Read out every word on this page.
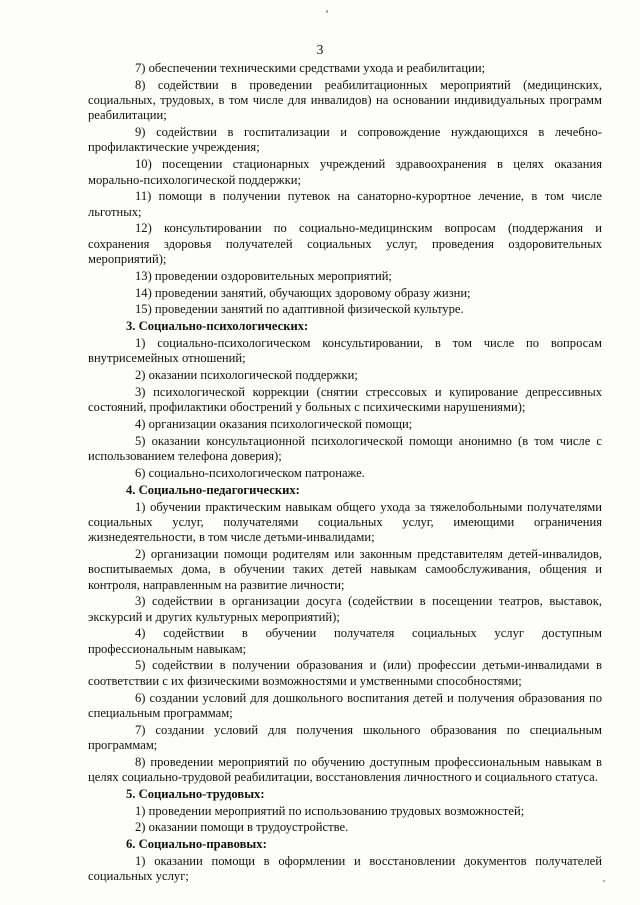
3
7) обеспечении техническими средствами ухода и реабилитации;
8) содействии в проведении реабилитационных мероприятий (медицинских, социальных, трудовых, в том числе для инвалидов) на основании индивидуальных программ реабилитации;
9) содействии в госпитализации и сопровождение нуждающихся в лечебно-профилактические учреждения;
10) посещении стационарных учреждений здравоохранения в целях оказания морально-психологической поддержки;
11) помощи в получении путевок на санаторно-курортное лечение, в том числе льготных;
12) консультировании по социально-медицинским вопросам (поддержания и сохранения здоровья получателей социальных услуг, проведения оздоровительных мероприятий);
13) проведении оздоровительных мероприятий;
14) проведении занятий, обучающих здоровому образу жизни;
15) проведении занятий по адаптивной физической культуре.
3. Социально-психологических:
1) социально-психологическом консультировании, в том числе по вопросам внутрисемейных отношений;
2) оказании психологической поддержки;
3) психологической коррекции (снятии стрессовых и купирование депрессивных состояний, профилактики обострений у больных с психическими нарушениями);
4) организации оказания психологической помощи;
5) оказании консультационной психологической помощи анонимно (в том числе с использованием телефона доверия);
6) социально-психологическом патронаже.
4. Социально-педагогических:
1) обучении практическим навыкам общего ухода за тяжелобольными получателями социальных услуг, получателями социальных услуг, имеющими ограничения жизнедеятельности, в том числе детьми-инвалидами;
2) организации помощи родителям или законным представителям детей-инвалидов, воспитываемых дома, в обучении таких детей навыкам самообслуживания, общения и контроля, направленным на развитие личности;
3) содействии в организации досуга (содействии в посещении театров, выставок, экскурсий и других культурных мероприятий);
4) содействии в обучении получателя социальных услуг доступным профессиональным навыкам;
5) содействии в получении образования и (или) профессии детьми-инвалидами в соответствии с их физическими возможностями и умственными способностями;
6) создании условий для дошкольного воспитания детей и получения образования по специальным программам;
7) создании условий для получения школьного образования по специальным программам;
8) проведении мероприятий по обучению доступным профессиональным навыкам в целях социально-трудовой реабилитации, восстановления личностного и социального статуса.
5. Социально-трудовых:
1) проведении мероприятий по использованию трудовых возможностей;
2) оказании помощи в трудоустройстве.
6. Социально-правовых:
1) оказании помощи в оформлении и восстановлении документов получателей социальных услуг;
